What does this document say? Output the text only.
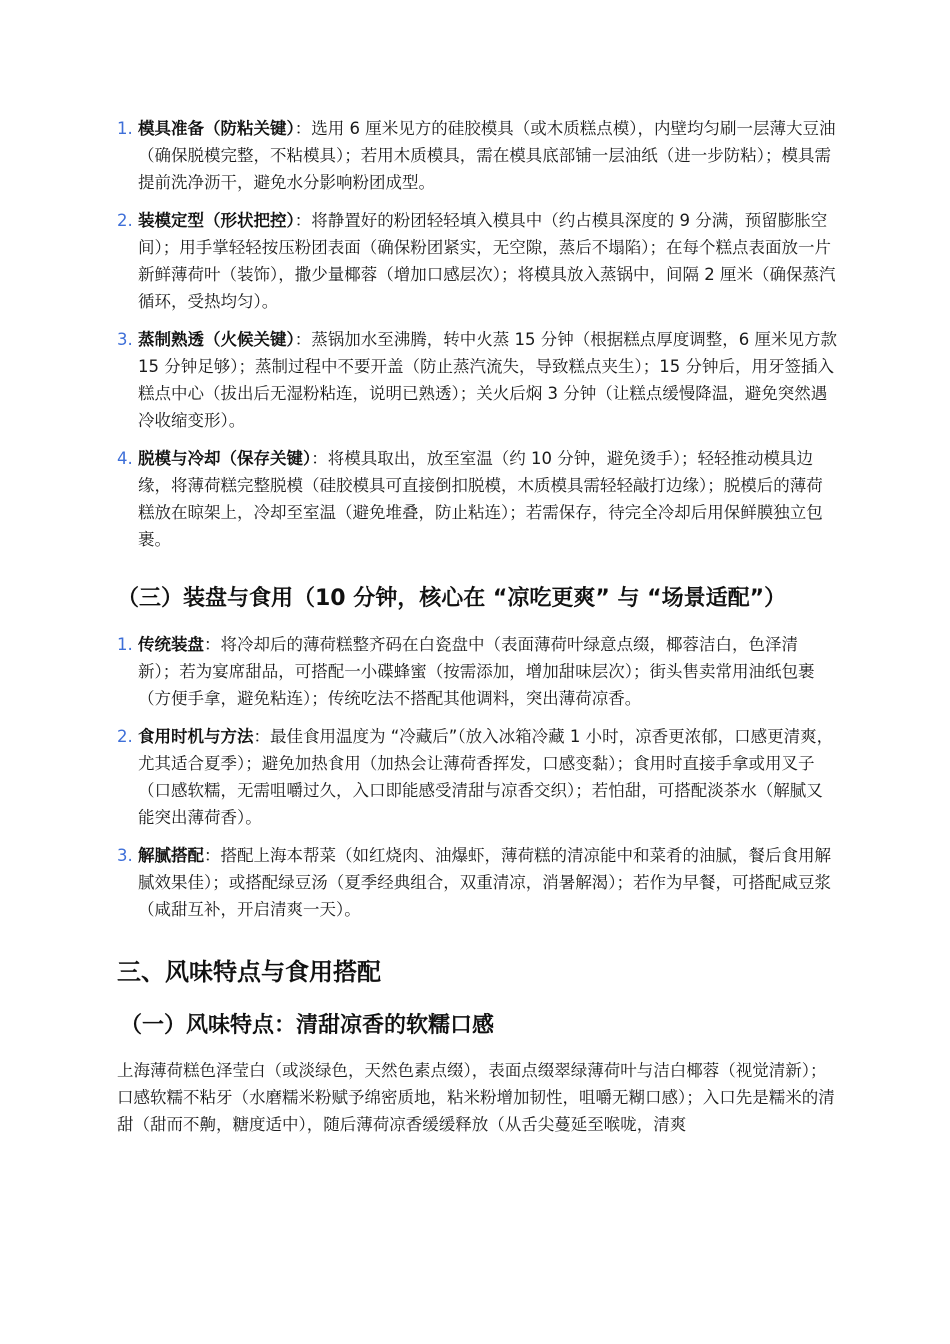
1. 模具准备（防粘关键）：选用 6 厘米见方的硅胶模具（或木质糕点模），内壁均匀刷一层薄大豆油（确保脱模完整，不粘模具）；若用木质模具，需在模具底部铺一层油纸（进一步防粘）；模具需提前洗净沥干，避免水分影响粉团成型。
2. 装模定型（形状把控）：将静置好的粉团轻轻填入模具中（约占模具深度的 9 分满，预留膨胀空间）；用手掌轻轻按压粉团表面（确保粉团紧实，无空隙，蒸后不塌陷）；在每个糕点表面放一片新鲜薄荷叶（装饰），撒少量椰蓉（增加口感层次）；将模具放入蒸锅中，间隔 2 厘米（确保蒸汽循环，受热均匀）。
3. 蒸制熟透（火候关键）：蒸锅加水至沸腾，转中火蒸 15 分钟（根据糕点厚度调整，6 厘米见方款 15 分钟足够）；蒸制过程中不要开盖（防止蒸汽流失，导致糕点夹生）；15 分钟后，用牙签插入糕点中心（拔出后无湿粉粘连，说明已熟透）；关火后焖 3 分钟（让糕点缓慢降温，避免突然遇冷收缩变形）。
4. 脱模与冷却（保存关键）：将模具取出，放至室温（约 10 分钟，避免烫手）；轻轻推动模具边缘，将薄荷糕完整脱模（硅胶模具可直接倒扣脱模，木质模具需轻轻敲打边缘）；脱模后的薄荷糕放在晾架上，冷却至室温（避免堆叠，防止粘连）；若需保存，待完全冷却后用保鲜膜独立包裹。
（三）装盘与食用（10 分钟，核心在 “凉吃更爽” 与 “场景适配”）
1. 传统装盘：将冷却后的薄荷糕整齐码在白瓷盘中（表面薄荷叶绿意点缀，椰蓉洁白，色泽清新）；若为宴席甜品，可搭配一小碟蜂蜜（按需添加，增加甜味层次）；街头售卖常用油纸包裹（方便手拿，避免粘连）；传统吃法不搭配其他调料，突出薄荷凉香。
2. 食用时机与方法：最佳食用温度为 “冷藏后”（放入冰箱冷藏 1 小时，凉香更浓郁，口感更清爽，尤其适合夏季）；避免加热食用（加热会让薄荷香挥发，口感变黏）；食用时直接手拿或用叉子（口感软糯，无需咀嚼过久，入口即能感受清甜与凉香交织）；若怕甜，可搭配淡茶水（解腻又能突出薄荷香）。
3. 解腻搭配：搭配上海本帮菜（如红烧肉、油爆虾，薄荷糕的清凉能中和菜肴的油腻，餐后食用解腻效果佳）；或搭配绿豆汤（夏季经典组合，双重清凉，消暑解渴）；若作为早餐，可搭配咸豆浆（咸甜互补，开启清爽一天）。
三、风味特点与食用搭配
（一）风味特点：清甜凉香的软糯口感

上海薄荷糕色泽莹白（或淡绿色，天然色素点缀），表面点缀翠绿薄荷叶与洁白椰蓉（视觉清新）；口感软糯不粘牙（水磨糯米粉赋予绵密质地，粘米粉增加韧性，咀嚼无糊口感）；入口先是糯米的清甜（甜而不齁，糖度适中），随后薄荷凉香缓缓释放（从舌尖蔓延至喉咙，清爽
